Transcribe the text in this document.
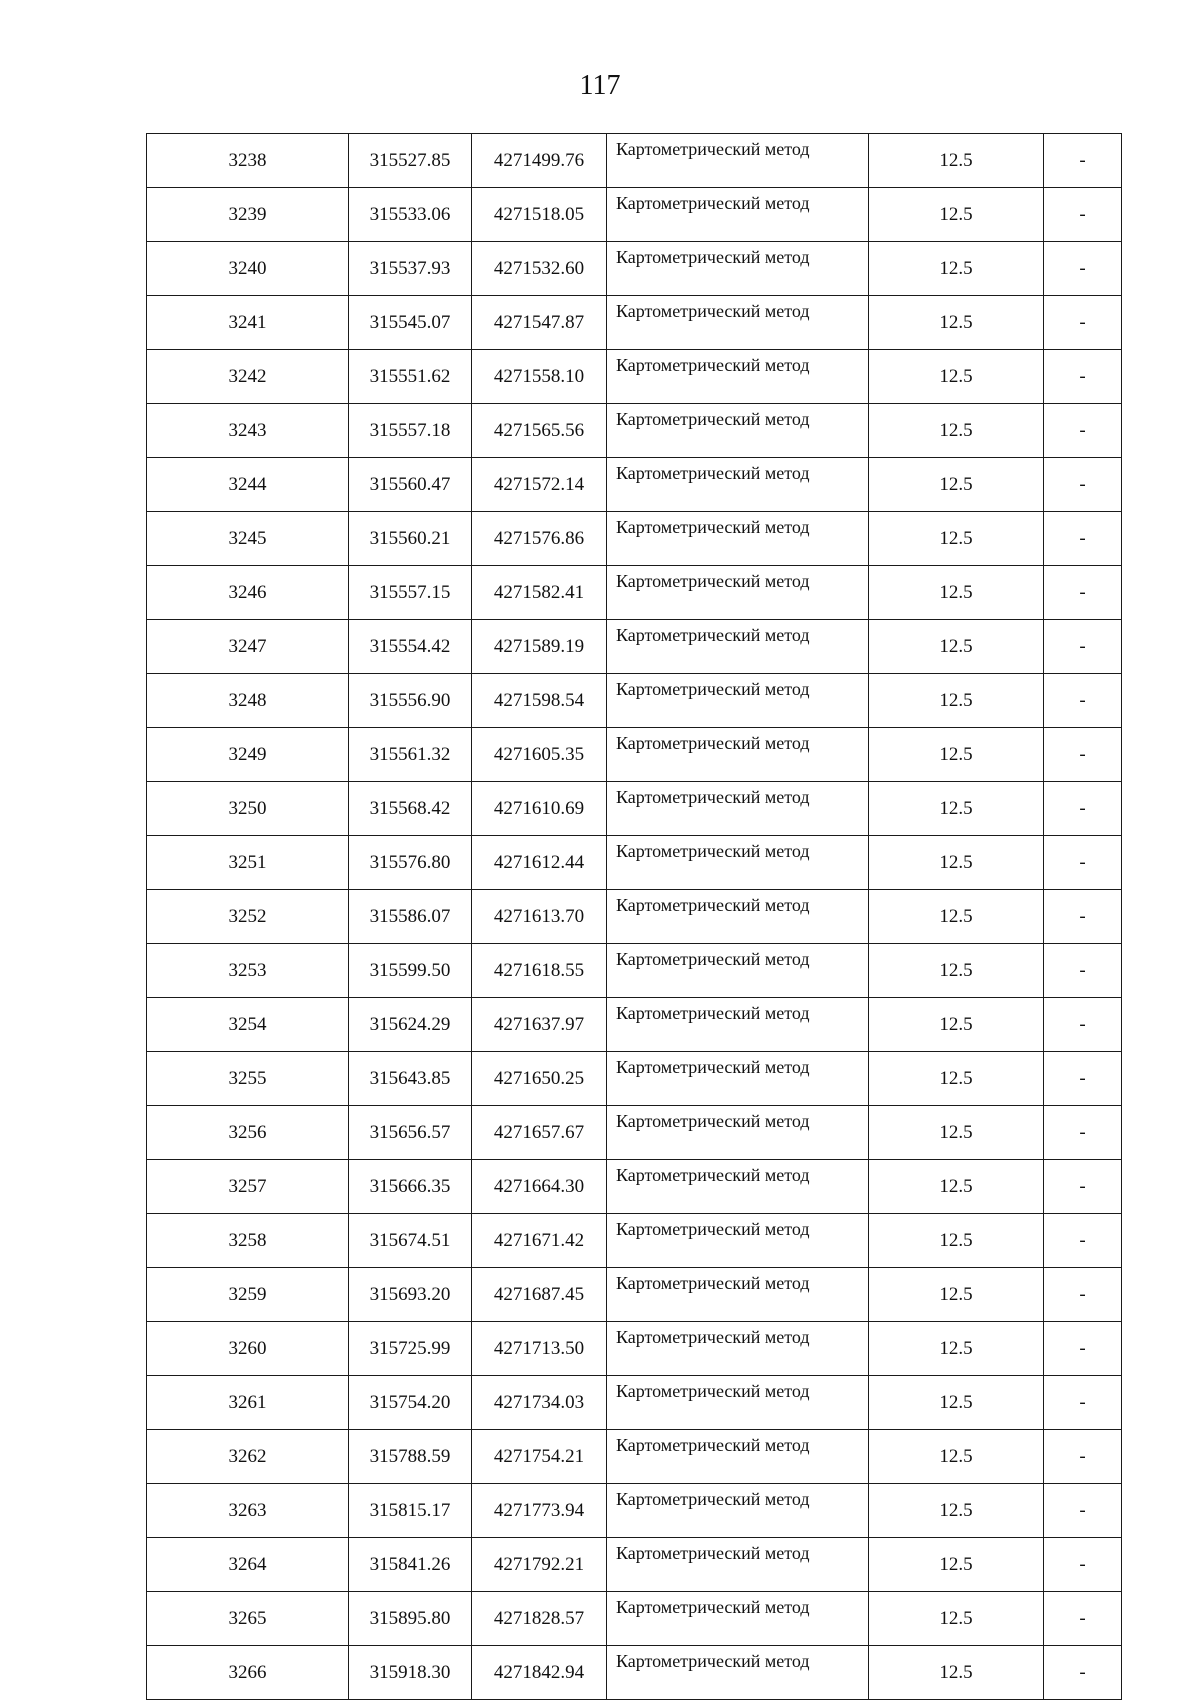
117
3238	315527.85	4271499.76	Картометрический метод	12.5	-
3239	315533.06	4271518.05	Картометрический метод	12.5	-
3240	315537.93	4271532.60	Картометрический метод	12.5	-
3241	315545.07	4271547.87	Картометрический метод	12.5	-
3242	315551.62	4271558.10	Картометрический метод	12.5	-
3243	315557.18	4271565.56	Картометрический метод	12.5	-
3244	315560.47	4271572.14	Картометрический метод	12.5	-
3245	315560.21	4271576.86	Картометрический метод	12.5	-
3246	315557.15	4271582.41	Картометрический метод	12.5	-
3247	315554.42	4271589.19	Картометрический метод	12.5	-
3248	315556.90	4271598.54	Картометрический метод	12.5	-
3249	315561.32	4271605.35	Картометрический метод	12.5	-
3250	315568.42	4271610.69	Картометрический метод	12.5	-
3251	315576.80	4271612.44	Картометрический метод	12.5	-
3252	315586.07	4271613.70	Картометрический метод	12.5	-
3253	315599.50	4271618.55	Картометрический метод	12.5	-
3254	315624.29	4271637.97	Картометрический метод	12.5	-
3255	315643.85	4271650.25	Картометрический метод	12.5	-
3256	315656.57	4271657.67	Картометрический метод	12.5	-
3257	315666.35	4271664.30	Картометрический метод	12.5	-
3258	315674.51	4271671.42	Картометрический метод	12.5	-
3259	315693.20	4271687.45	Картометрический метод	12.5	-
3260	315725.99	4271713.50	Картометрический метод	12.5	-
3261	315754.20	4271734.03	Картометрический метод	12.5	-
3262	315788.59	4271754.21	Картометрический метод	12.5	-
3263	315815.17	4271773.94	Картометрический метод	12.5	-
3264	315841.26	4271792.21	Картометрический метод	12.5	-
3265	315895.80	4271828.57	Картометрический метод	12.5	-
3266	315918.30	4271842.94	Картометрический метод	12.5	-
